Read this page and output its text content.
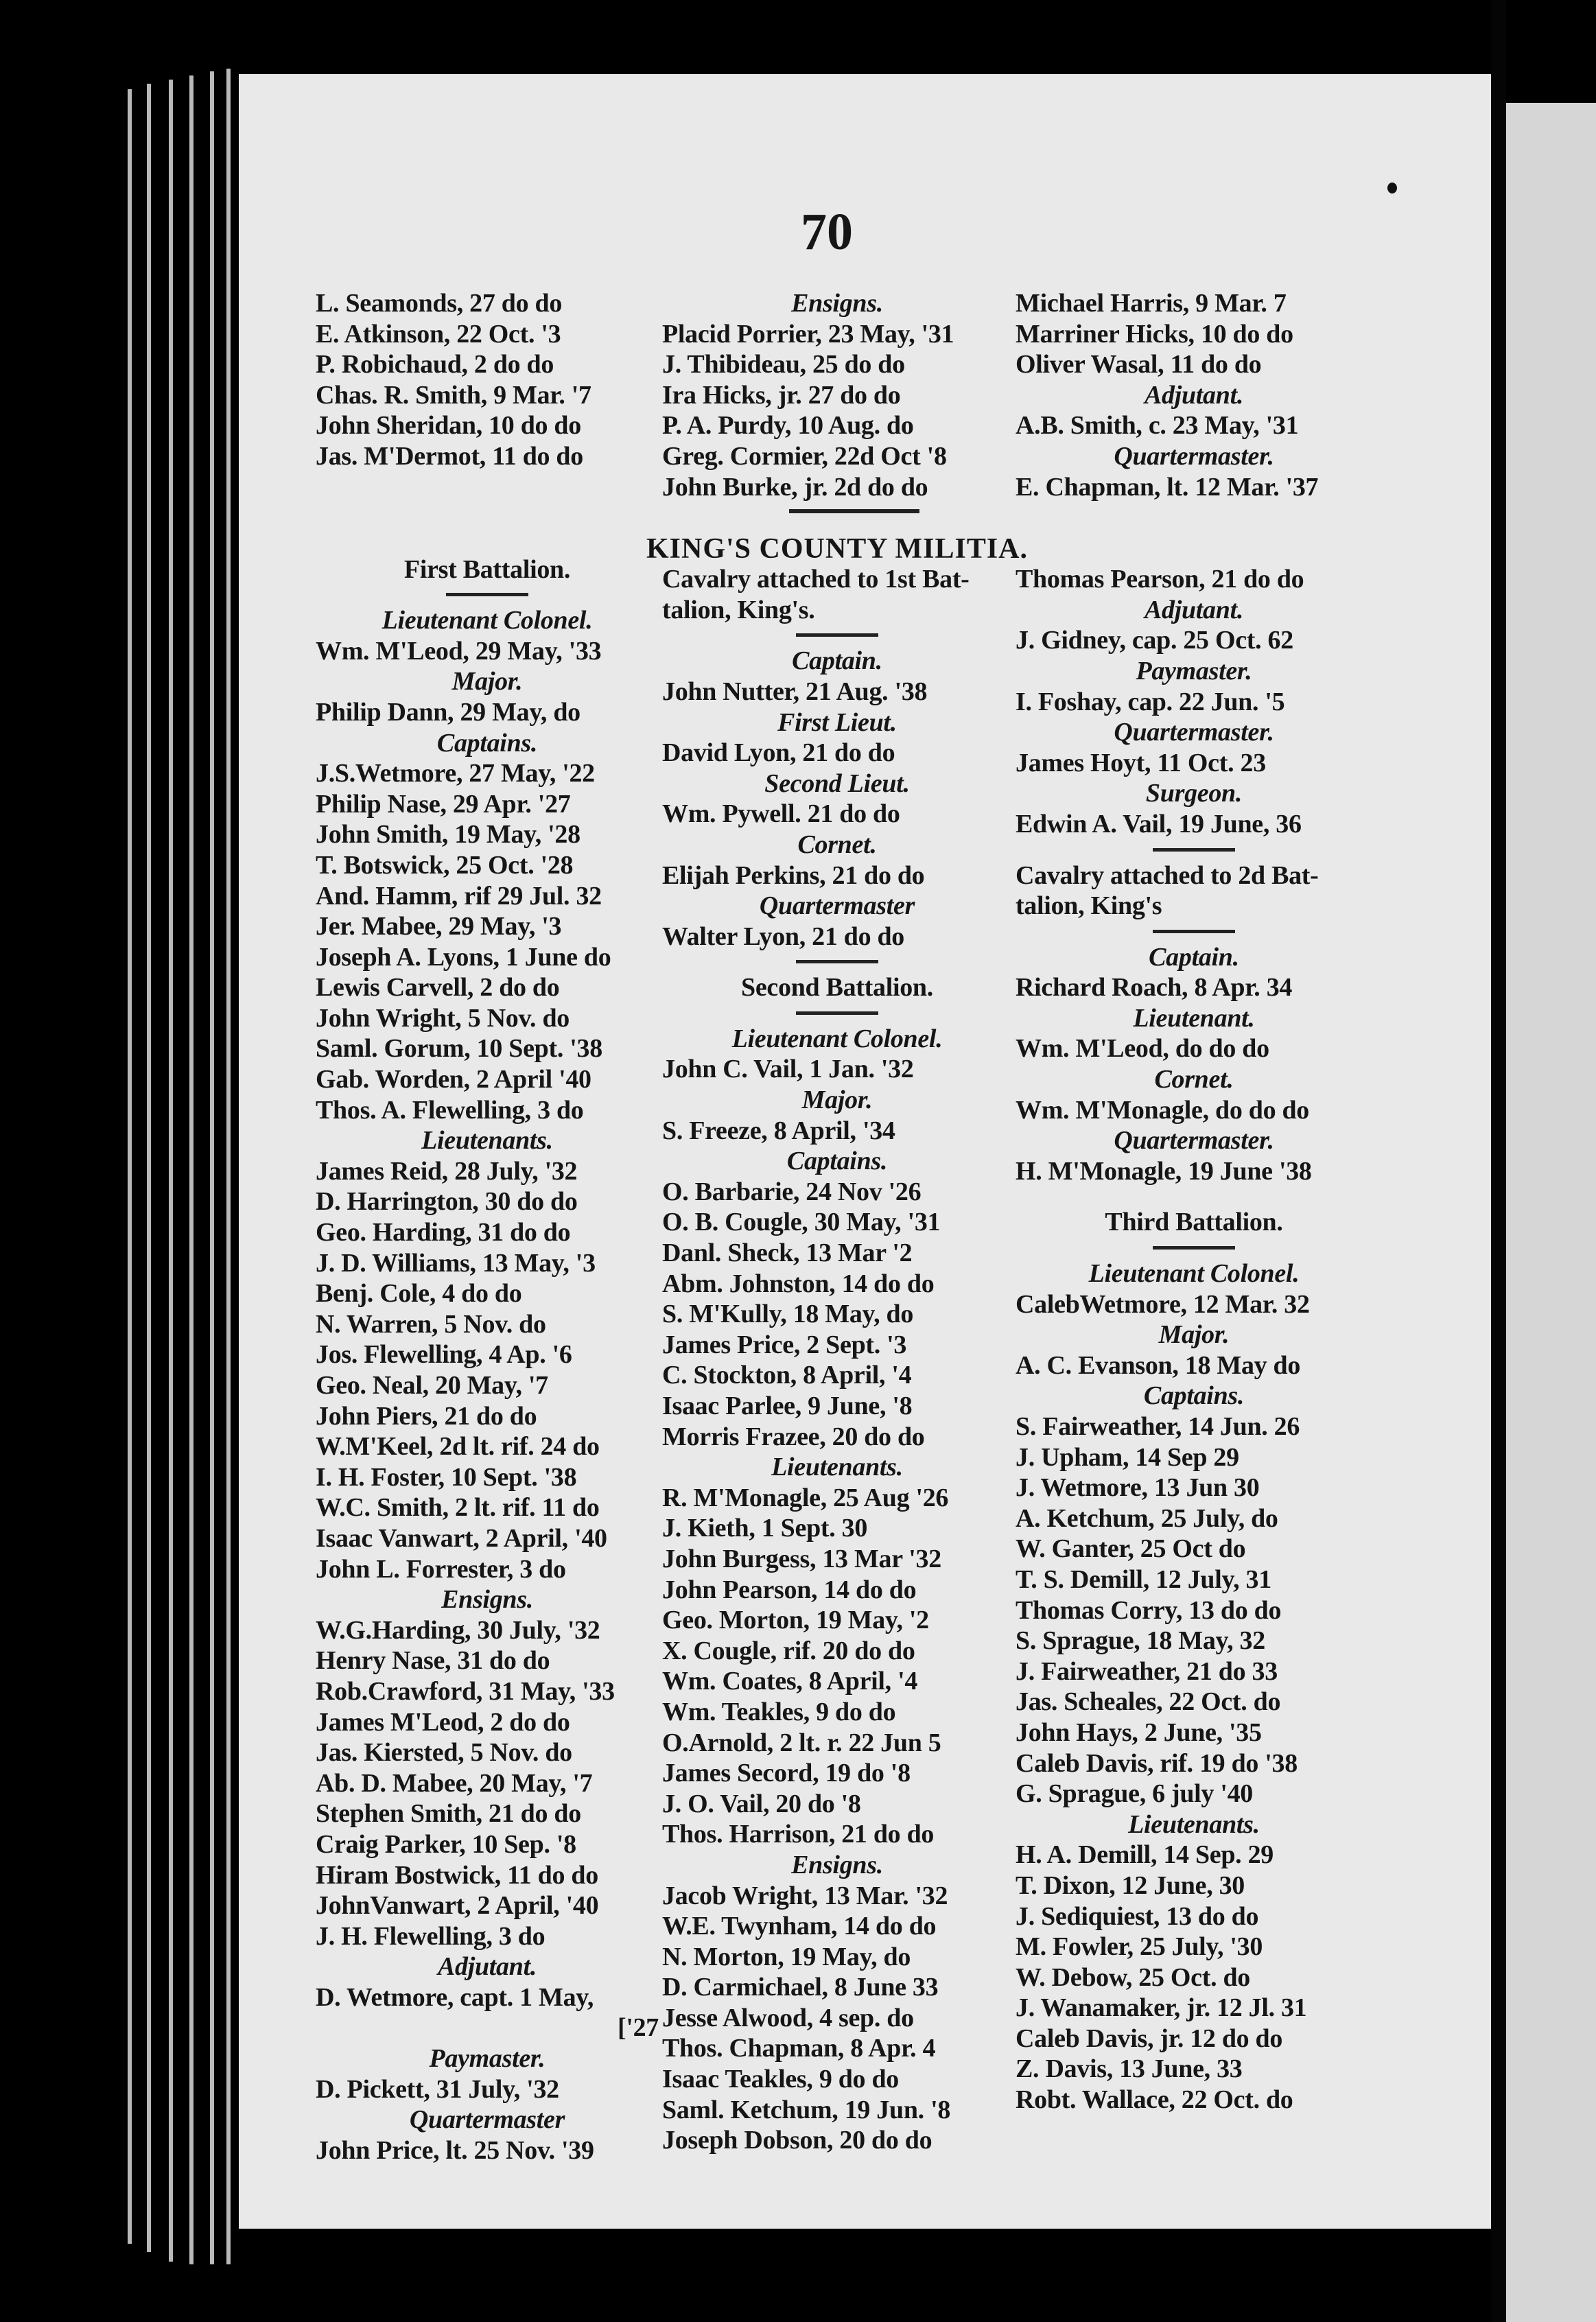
70
KING'S COUNTY MILITIA.
L. Seamonds, 27 do do
E. Atkinson, 22 Oct. '3
P. Robichaud, 2 do do
Chas. R. Smith, 9 Mar. '7
John Sheridan, 10 do do
Jas. M'Dermot, 11 do do
First Battalion.
Lieutenant Colonel.
Wm. M'Leod, 29 May, '33
Major.
Philip Dann, 29 May, do
Captains.
J.S.Wetmore, 27 May, '22
Philip Nase, 29 Apr. '27
John Smith, 19 May, '28
T. Botswick, 25 Oct. '28
And. Hamm, rif 29 Jul. 32
Jer. Mabee, 29 May, '3
Joseph A. Lyons, 1 June do
Lewis Carvell, 2 do do
John Wright, 5 Nov. do
Saml. Gorum, 10 Sept. '38
Gab. Worden, 2 April '40
Thos. A. Flewelling, 3 do
Lieutenants.
James Reid, 28 July, '32
D. Harrington, 30 do do
Geo. Harding, 31 do do
J. D. Williams, 13 May, '3
Benj. Cole, 4 do do
N. Warren, 5 Nov. do
Jos. Flewelling, 4 Ap. '6
Geo. Neal, 20 May, '7
John Piers, 21 do do
W.M'Keel, 2d lt. rif. 24 do
I. H. Foster, 10 Sept. '38
W.C. Smith, 2 lt. rif. 11 do
Isaac Vanwart, 2 April, '40
John L. Forrester, 3 do
Ensigns.
W.G.Harding, 30 July, '32
Henry Nase, 31 do do
Rob.Crawford, 31 May, '33
James M'Leod, 2 do do
Jas. Kiersted, 5 Nov. do
Ab. D. Mabee, 20 May, '7
Stephen Smith, 21 do do
Craig Parker, 10 Sep. '8
Hiram Bostwick, 11 do do
JohnVanwart, 2 April, '40
J. H. Flewelling, 3 do
Adjutant.
D. Wetmore, capt. 1 May,
['27
Paymaster.
D. Pickett, 31 July, '32
Quartermaster
John Price, lt. 25 Nov. '39
Ensigns.
Placid Porrier, 23 May, '31
J. Thibideau, 25 do do
Ira Hicks, jr. 27 do do
P. A. Purdy, 10 Aug. do
Greg. Cormier, 22d Oct '8
John Burke, jr. 2d do do
Cavalry attached to 1st Bat-
talion, King's.
Captain.
John Nutter, 21 Aug. '38
First Lieut.
David Lyon, 21 do do
Second Lieut.
Wm. Pywell. 21 do do
Cornet.
Elijah Perkins, 21 do do
Quartermaster
Walter Lyon, 21 do do
Second Battalion.
Lieutenant Colonel.
John C. Vail, 1 Jan. '32
Major.
S. Freeze, 8 April, '34
Captains.
O. Barbarie, 24 Nov '26
O. B. Cougle, 30 May, '31
Danl. Sheck, 13 Mar '2
Abm. Johnston, 14 do do
S. M'Kully, 18 May, do
James Price, 2 Sept. '3
C. Stockton, 8 April, '4
Isaac Parlee, 9 June, '8
Morris Frazee, 20 do do
Lieutenants.
R. M'Monagle, 25 Aug '26
J. Kieth, 1 Sept. 30
John Burgess, 13 Mar '32
John Pearson, 14 do do
Geo. Morton, 19 May, '2
X. Cougle, rif. 20 do do
Wm. Coates, 8 April, '4
Wm. Teakles, 9 do do
O.Arnold, 2 lt. r. 22 Jun 5
James Secord, 19 do '8
J. O. Vail, 20 do '8
Thos. Harrison, 21 do do
Ensigns.
Jacob Wright, 13 Mar. '32
W.E. Twynham, 14 do do
N. Morton, 19 May, do
D. Carmichael, 8 June 33
Jesse Alwood, 4 sep. do
Thos. Chapman, 8 Apr. 4
Isaac Teakles, 9 do do
Saml. Ketchum, 19 Jun. '8
Joseph Dobson, 20 do do
Michael Harris, 9 Mar. 7
Marriner Hicks, 10 do do
Oliver Wasal, 11 do do
Adjutant.
A.B. Smith, c. 23 May, '31
Quartermaster.
E. Chapman, lt. 12 Mar. '37
Thomas Pearson, 21 do do
Adjutant.
J. Gidney, cap. 25 Oct. 62
Paymaster.
I. Foshay, cap. 22 Jun. '5
Quartermaster.
James Hoyt, 11 Oct. 23
Surgeon.
Edwin A. Vail, 19 June, 36
Cavalry attached to 2d Bat-
talion, King's
Captain.
Richard Roach, 8 Apr. 34
Lieutenant.
Wm. M'Leod, do do do
Cornet.
Wm. M'Monagle, do do do
Quartermaster.
H. M'Monagle, 19 June '38
Third Battalion.
Lieutenant Colonel.
CalebWetmore, 12 Mar. 32
Major.
A. C. Evanson, 18 May do
Captains.
S. Fairweather, 14 Jun. 26
J. Upham, 14 Sep 29
J. Wetmore, 13 Jun 30
A. Ketchum, 25 July, do
W. Ganter, 25 Oct do
T. S. Demill, 12 July, 31
Thomas Corry, 13 do do
S. Sprague, 18 May, 32
J. Fairweather, 21 do 33
Jas. Scheales, 22 Oct. do
John Hays, 2 June, '35
Caleb Davis, rif. 19 do '38
G. Sprague, 6 july '40
Lieutenants.
H. A. Demill, 14 Sep. 29
T. Dixon, 12 June, 30
J. Sediquiest, 13 do do
M. Fowler, 25 July, '30
W. Debow, 25 Oct. do
J. Wanamaker, jr. 12 Jl. 31
Caleb Davis, jr. 12 do do
Z. Davis, 13 June, 33
Robt. Wallace, 22 Oct. do
